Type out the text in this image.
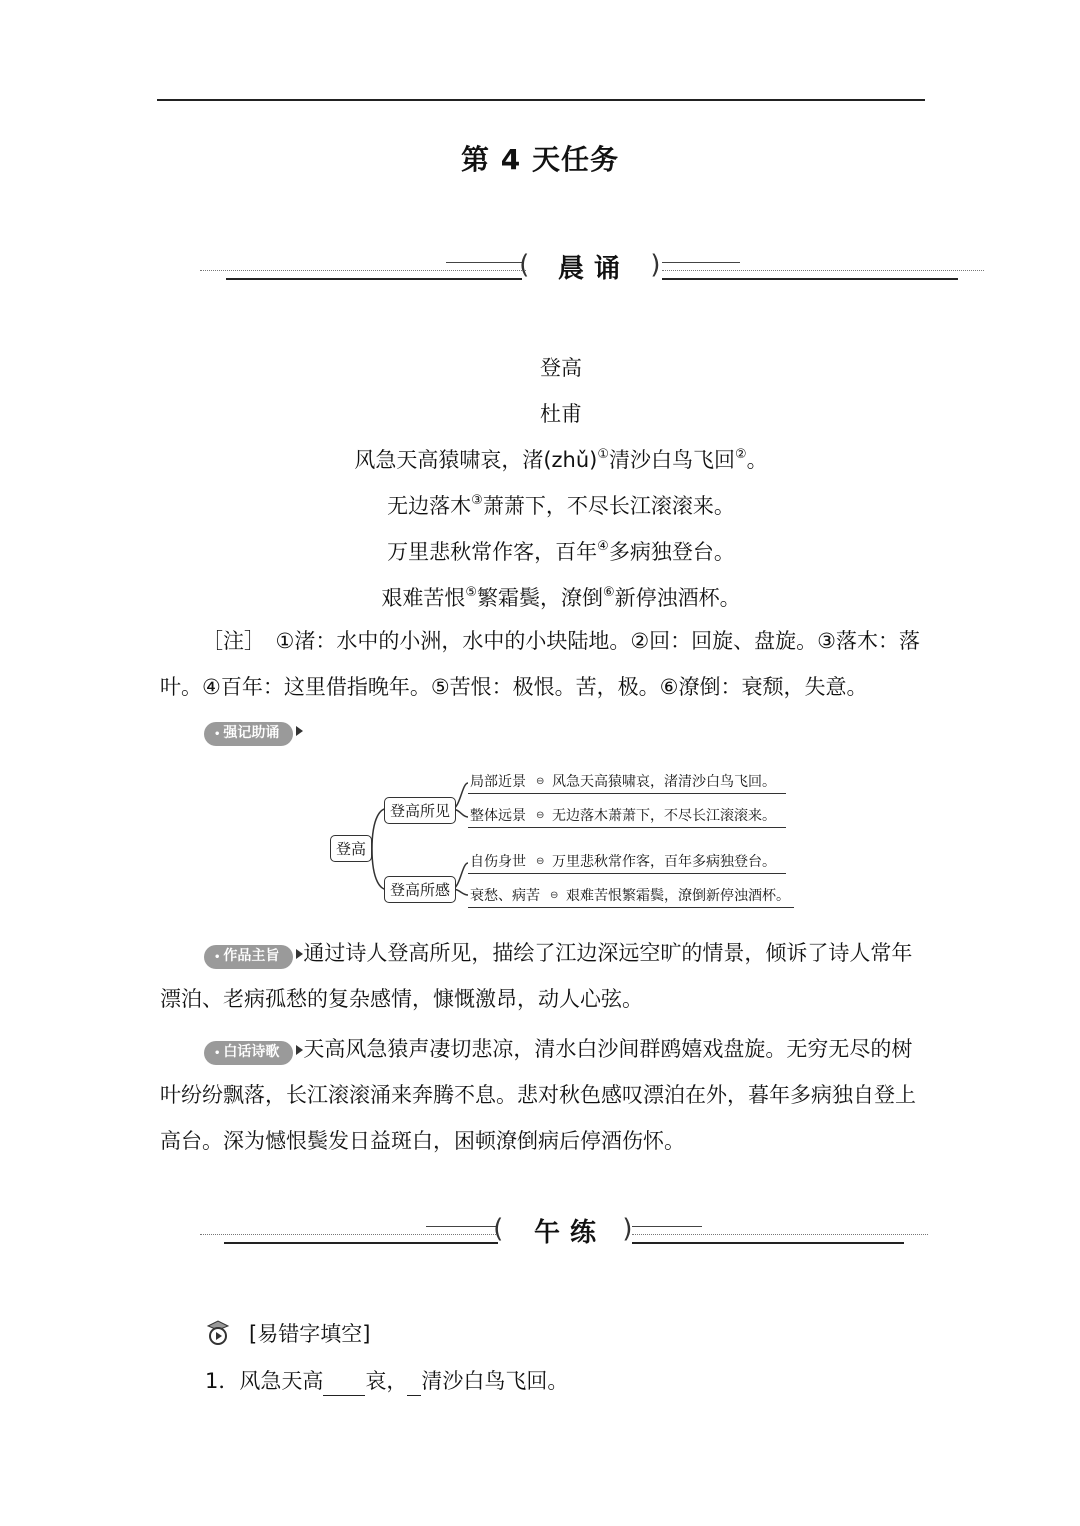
第 4 天任务
( 晨诵 )
登高
杜甫
风急天高猿啸哀，渚(zhǔ)①清沙白鸟飞回②。
无边落木③萧萧下，不尽长江滚滚来。
万里悲秋常作客，百年④多病独登台。
艰难苦恨⑤繁霜鬓，潦倒⑥新停浊酒杯。
［注］　①渚：水中的小洲，水中的小块陆地。②回：回旋、盘旋。③落木：落叶。④百年：这里借指晚年。⑤苦恨：极恨。苦，极。⑥潦倒：衰颓，失意。
• 强记助诵
登高
登高所见
登高所感
局部近景 ⊖ 风急天高猿啸哀，渚清沙白鸟飞回。
整体远景 ⊖ 无边落木萧萧下，不尽长江滚滚来。
自伤身世 ⊖ 万里悲秋常作客，百年多病独登台。
衰愁、病苦 ⊖ 艰难苦恨繁霜鬓，潦倒新停浊酒杯。
• 作品主旨 通过诗人登高所见，描绘了江边深远空旷的情景，倾诉了诗人常年漂泊、老病孤愁的复杂感情，慷慨激昂，动人心弦。
• 白话诗歌 天高风急猿声凄切悲凉，清水白沙间群鸥嬉戏盘旋。无穷无尽的树叶纷纷飘落，长江滚滚涌来奔腾不息。悲对秋色感叹漂泊在外，暮年多病独自登上高台。深为憾恨鬓发日益斑白，困顿潦倒病后停酒伤怀。
( 午练 )
[易错字填空]
1．风急天高 哀， 清沙白鸟飞回。
